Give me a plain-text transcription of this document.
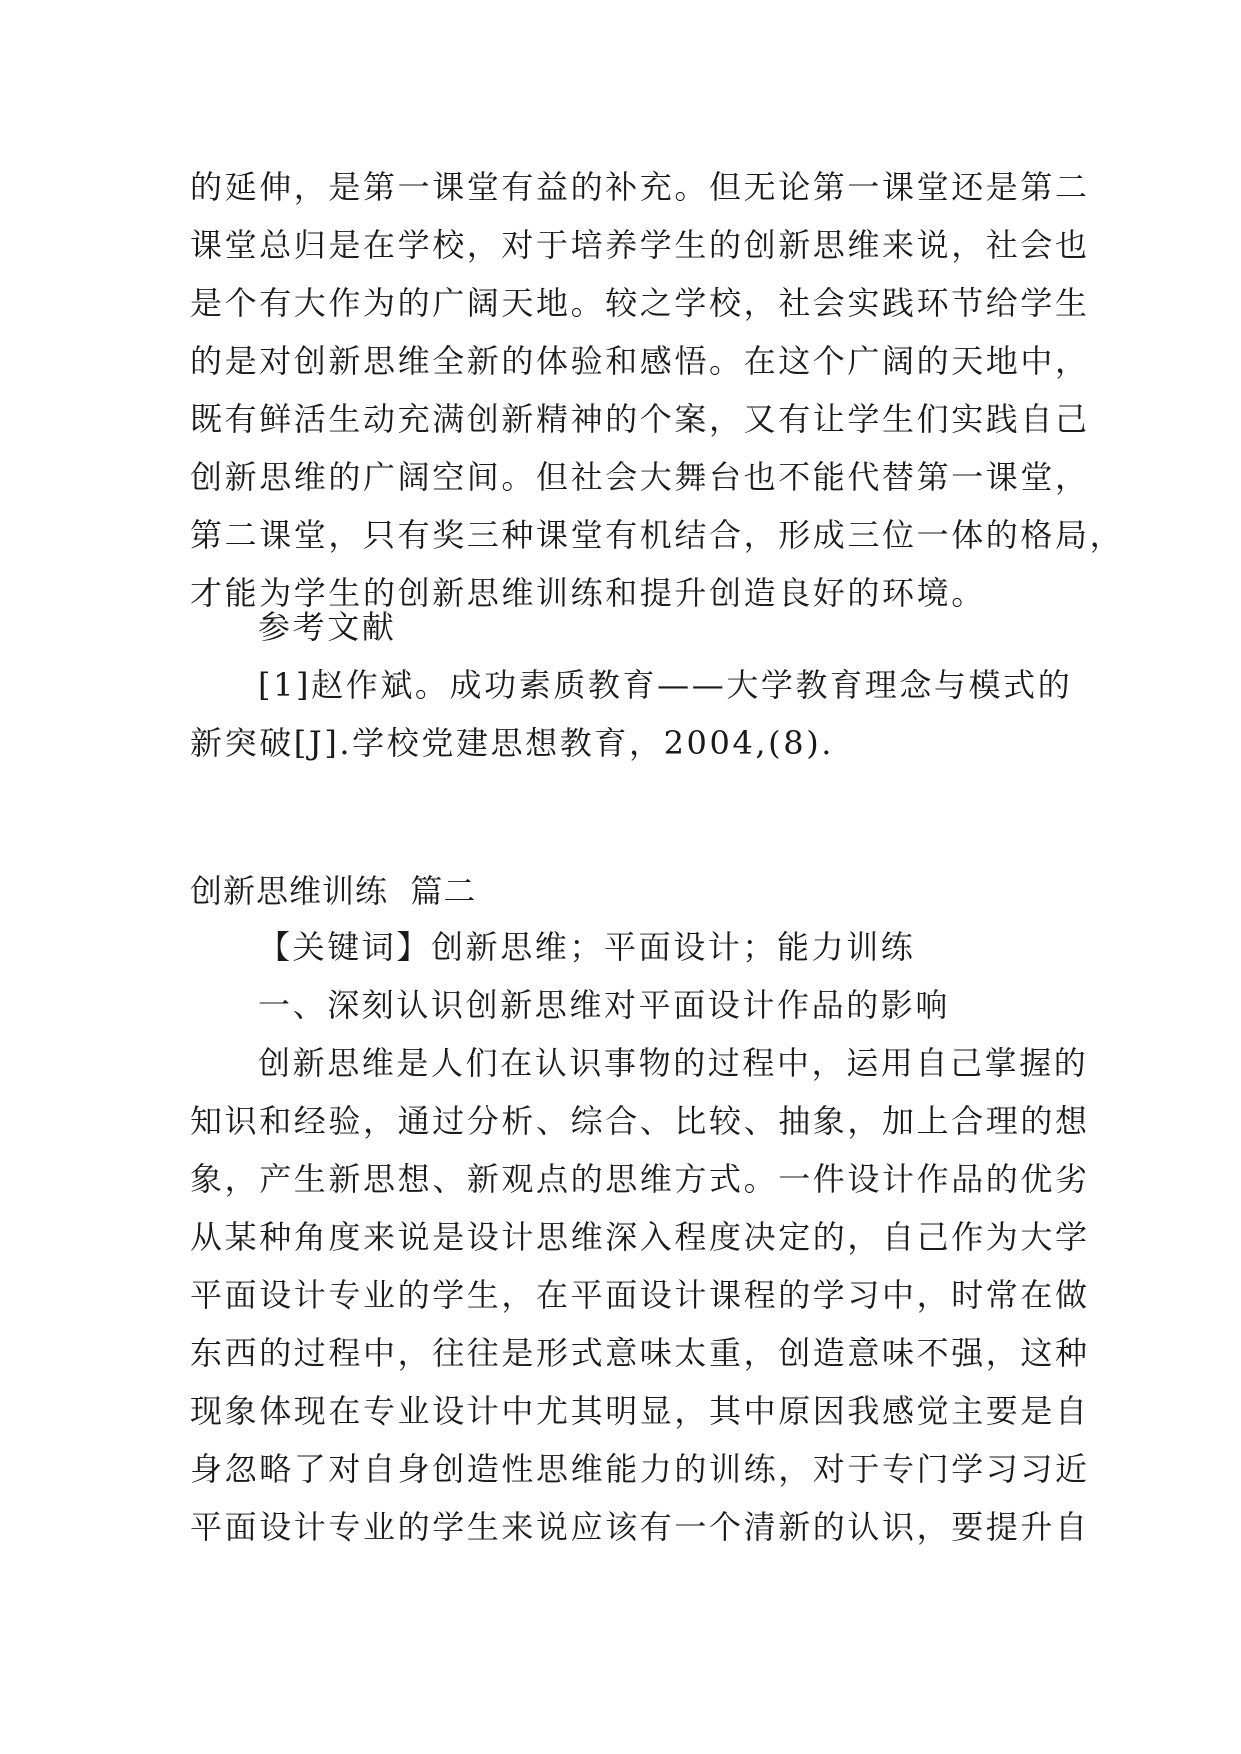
的延伸，是第一课堂有益的补充。但无论第一课堂还是第二
课堂总归是在学校，对于培养学生的创新思维来说，社会也
是个有大作为的广阔天地。较之学校，社会实践环节给学生
的是对创新思维全新的体验和感悟。在这个广阔的天地中，
既有鲜活生动充满创新精神的个案，又有让学生们实践自己
创新思维的广阔空间。但社会大舞台也不能代替第一课堂，
第二课堂，只有奖三种课堂有机结合，形成三位一体的格局，
才能为学生的创新思维训练和提升创造良好的环境。
参考文献
[1]赵作斌。成功素质教育——大学教育理念与模式的
新突破[J].学校党建思想教育，2004,(8).
创新思维训练  篇二
【关键词】创新思维；平面设计；能力训练
一、深刻认识创新思维对平面设计作品的影响
创新思维是人们在认识事物的过程中，运用自己掌握的
知识和经验，通过分析、综合、比较、抽象，加上合理的想
象，产生新思想、新观点的思维方式。一件设计作品的优劣
从某种角度来说是设计思维深入程度决定的，自己作为大学
平面设计专业的学生，在平面设计课程的学习中，时常在做
东西的过程中，往往是形式意味太重，创造意味不强，这种
现象体现在专业设计中尤其明显，其中原因我感觉主要是自
身忽略了对自身创造性思维能力的训练，对于专门学习习近
平面设计专业的学生来说应该有一个清新的认识，要提升自
